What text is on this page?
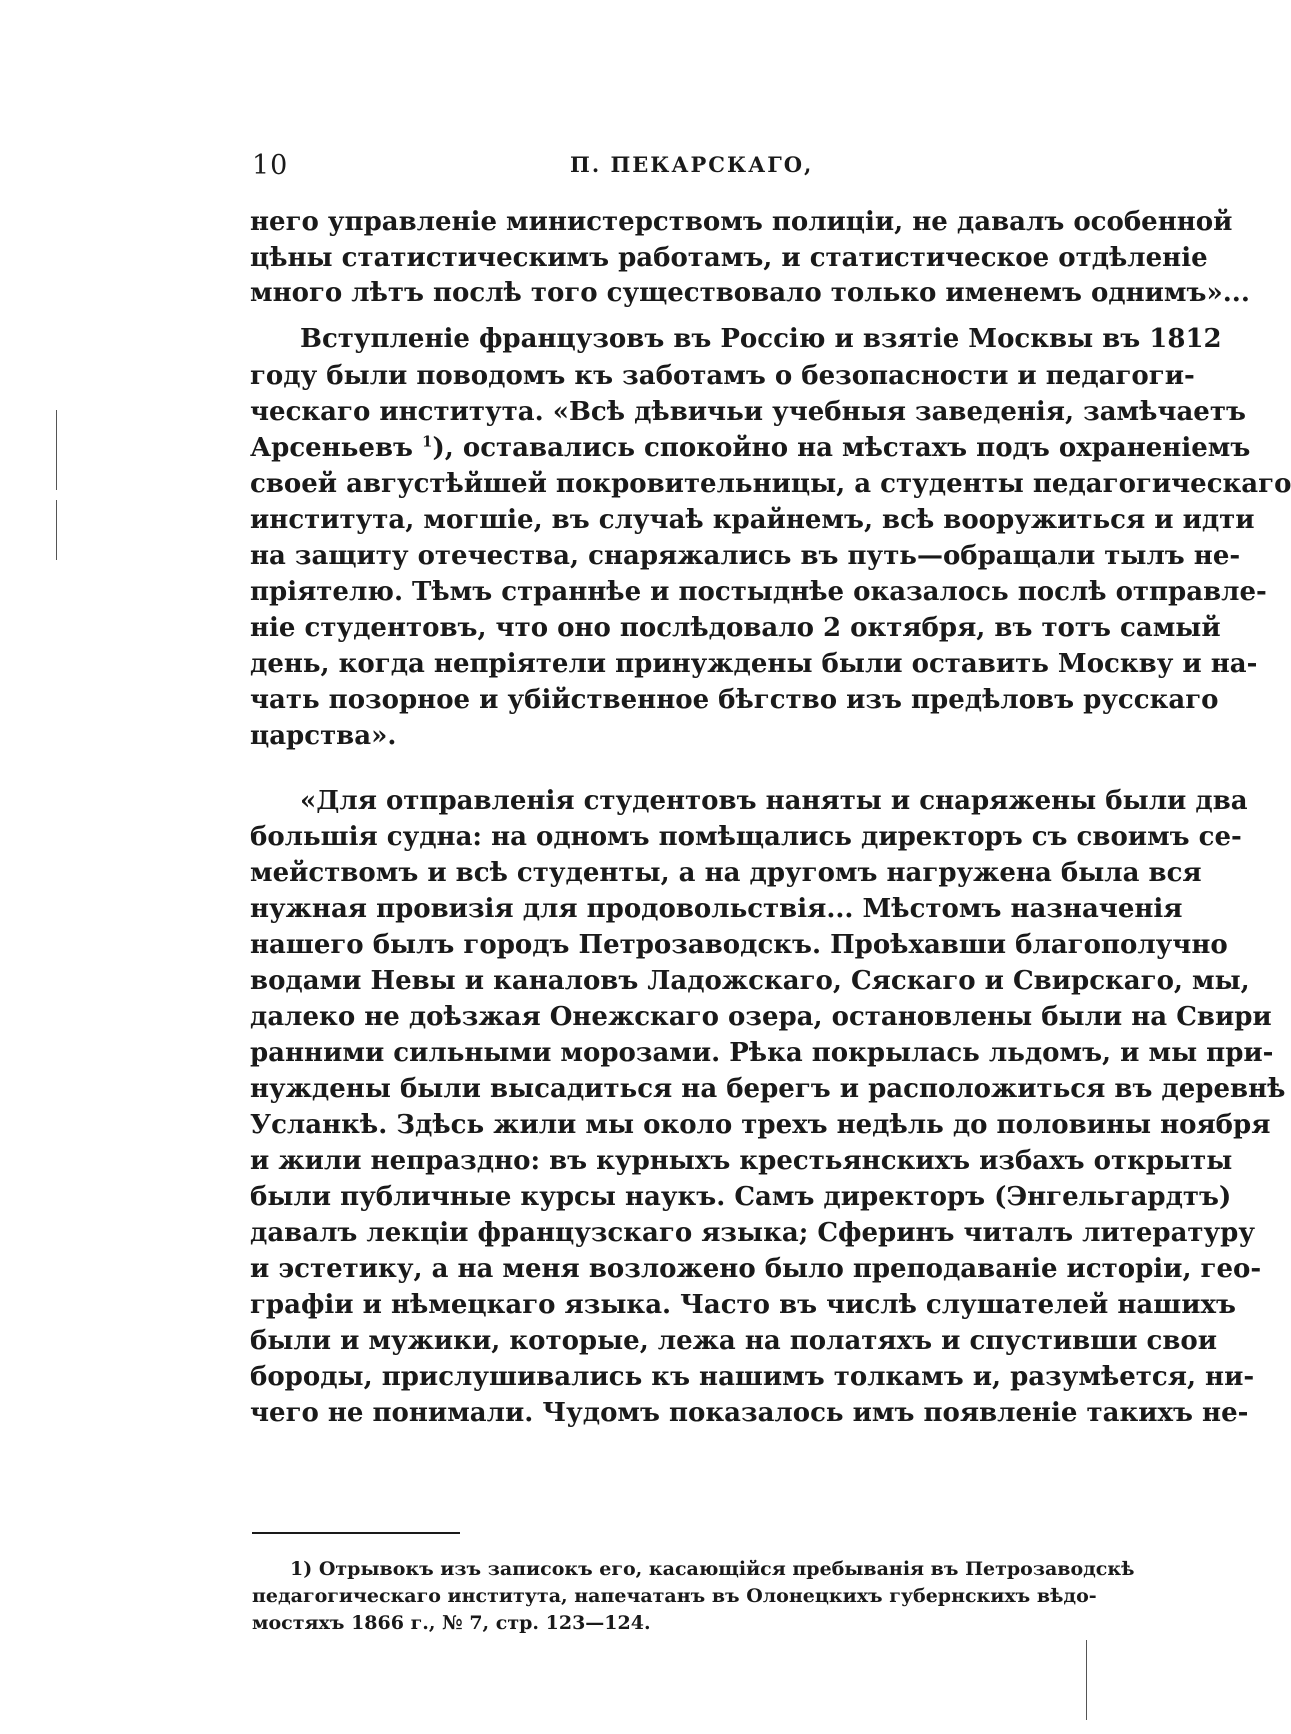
10	П. ПЕКАРСКАГО,
него управленіе министерствомъ полиціи, не давалъ особенной
цѣны статистическимъ работамъ, и статистическое отдѣленіе
много лѣтъ послѣ того существовало только именемъ однимъ»...
Вступленіе французовъ въ Россію и взятіе Москвы въ 1812
году были поводомъ къ заботамъ о безопасности и педагоги-
ческаго института. «Всѣ дѣвичьи учебныя заведенія, замѣчаетъ
Арсеньевъ $^1$), оставались спокойно на мѣстахъ подъ охраненіемъ
своей августѣйшей покровительницы, а студенты педагогическаго
института, могшіе, въ случаѣ крайнемъ, всѣ вооружиться и идти
на защиту отечества, снаряжались въ путь—обращали тылъ не-
пріятелю. Тѣмъ страннѣе и постыднѣе оказалось послѣ отправле-
ніе студентовъ, что оно послѣдовало 2 октября, въ тотъ самый
день, когда непріятели принуждены были оставить Москву и на-
чать позорное и убійственное бѣгство изъ предѣловъ русскаго
царства».
«Для отправленія студентовъ наняты и снаряжены были два
большія судна: на одномъ помѣщались директоръ съ своимъ се-
мействомъ и всѣ студенты, а на другомъ нагружена была вся
нужная провизія для продовольствія... Мѣстомъ назначенія
нашего былъ городъ Петрозаводскъ. Проѣхавши благополучно
водами Невы и каналовъ Ладожскаго, Сяскаго и Свирскаго, мы,
далеко не доѣзжая Онежскаго озера, остановлены были на Свири
ранними сильными морозами. Рѣка покрылась льдомъ, и мы при-
нуждены были высадиться на берегъ и расположиться въ деревнѣ
Усланкѣ. Здѣсь жили мы около трехъ недѣль до половины ноября
и жили непраздно: въ курныхъ крестьянскихъ избахъ открыты
были публичные курсы наукъ. Самъ директоръ (Энгельгардтъ)
давалъ лекціи французскаго языка; Сферинъ читалъ литературу
и эстетику, а на меня возложено было преподаваніе исторіи, гео-
графіи и нѣмецкаго языка. Часто въ числѣ слушателей нашихъ
были и мужики, которые, лежа на полатяхъ и спустивши свои
бороды, прислушивались къ нашимъ толкамъ и, разумѣется, ни-
чего не понимали. Чудомъ показалось имъ появленіе такихъ не-
1) Отрывокъ изъ записокъ его, касающійся пребыванія въ Петрозаводскѣ
педагогическаго института, напечатанъ въ Олонецкихъ губернскихъ вѣдо-
мостяхъ 1866 г., № 7, стр. 123—124.
